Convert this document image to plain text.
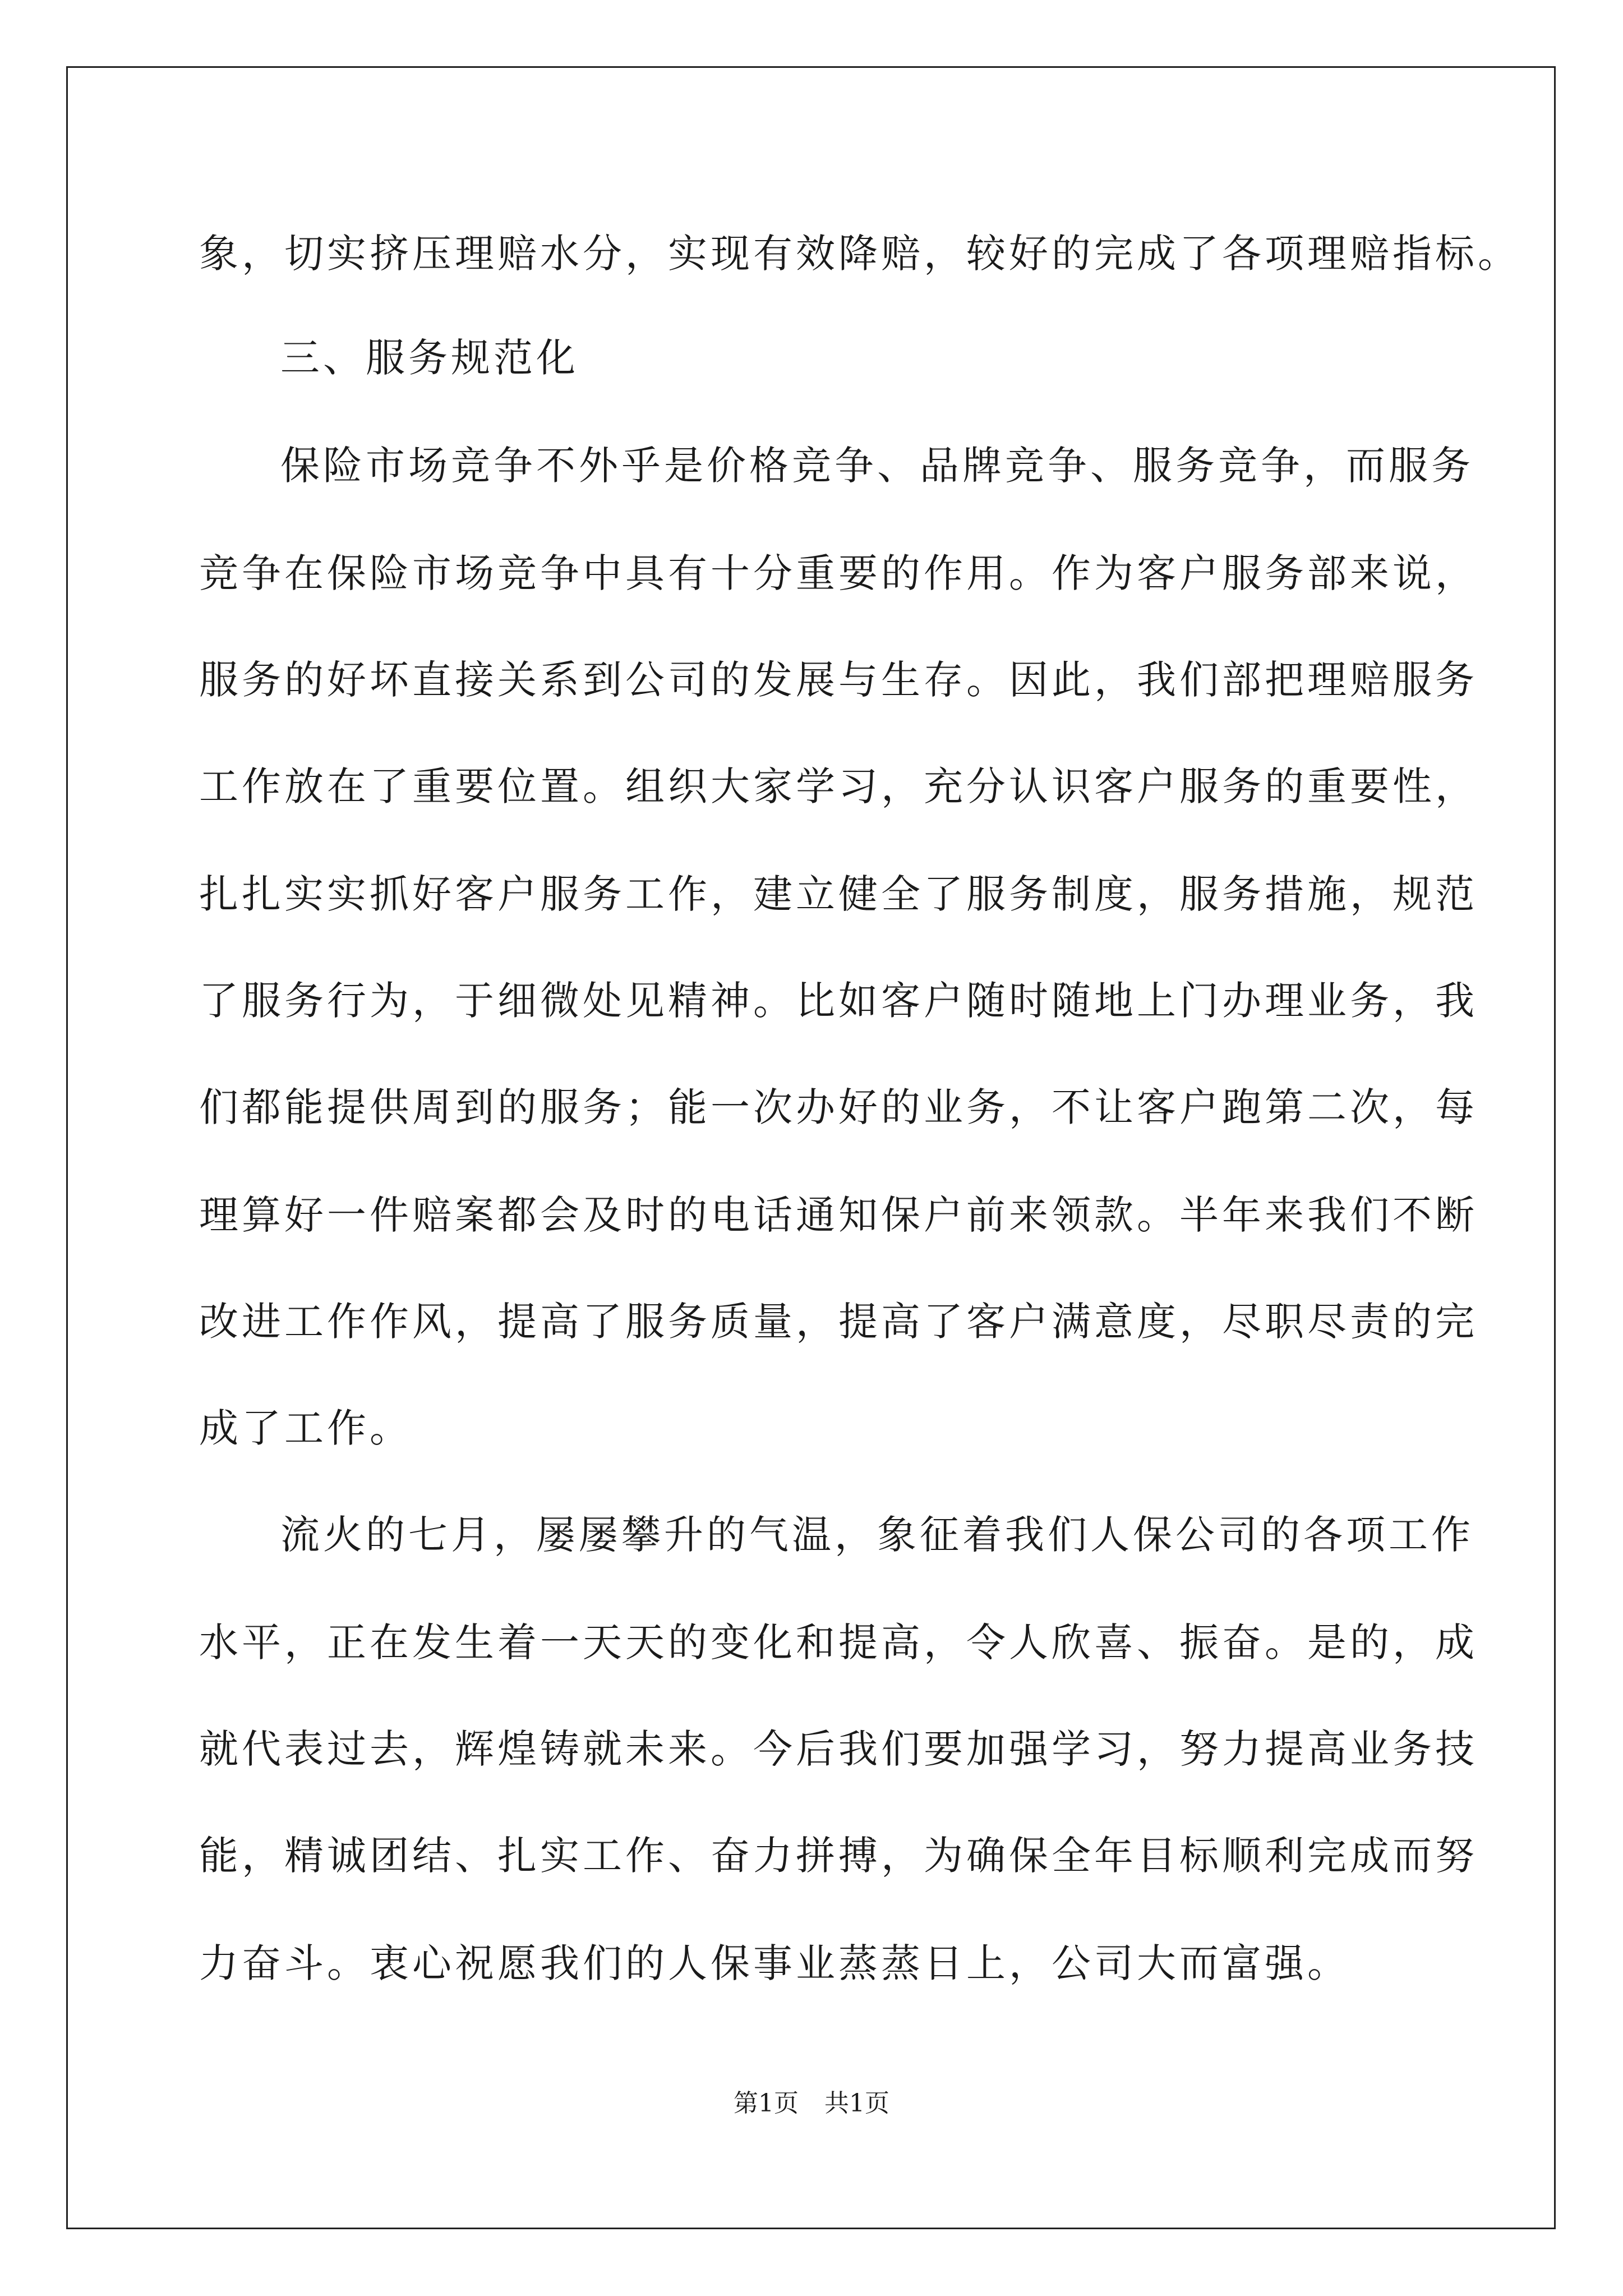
象，切实挤压理赔水分，实现有效降赔，较好的完成了各项理赔指标。
三、服务规范化
保险市场竞争不外乎是价格竞争、品牌竞争、服务竞争，而服务
竞争在保险市场竞争中具有十分重要的作用。作为客户服务部来说，
服务的好坏直接关系到公司的发展与生存。因此，我们部把理赔服务
工作放在了重要位置。组织大家学习，充分认识客户服务的重要性，
扎扎实实抓好客户服务工作，建立健全了服务制度，服务措施，规范
了服务行为，于细微处见精神。比如客户随时随地上门办理业务，我
们都能提供周到的服务；能一次办好的业务，不让客户跑第二次，每
理算好一件赔案都会及时的电话通知保户前来领款。半年来我们不断
改进工作作风，提高了服务质量，提高了客户满意度，尽职尽责的完
成了工作。
流火的七月，屡屡攀升的气温，象征着我们人保公司的各项工作
水平，正在发生着一天天的变化和提高，令人欣喜、振奋。是的，成
就代表过去，辉煌铸就未来。今后我们要加强学习，努力提高业务技
能，精诚团结、扎实工作、奋力拼搏，为确保全年目标顺利完成而努
力奋斗。衷心祝愿我们的人保事业蒸蒸日上，公司大而富强。
第1页 共1页
